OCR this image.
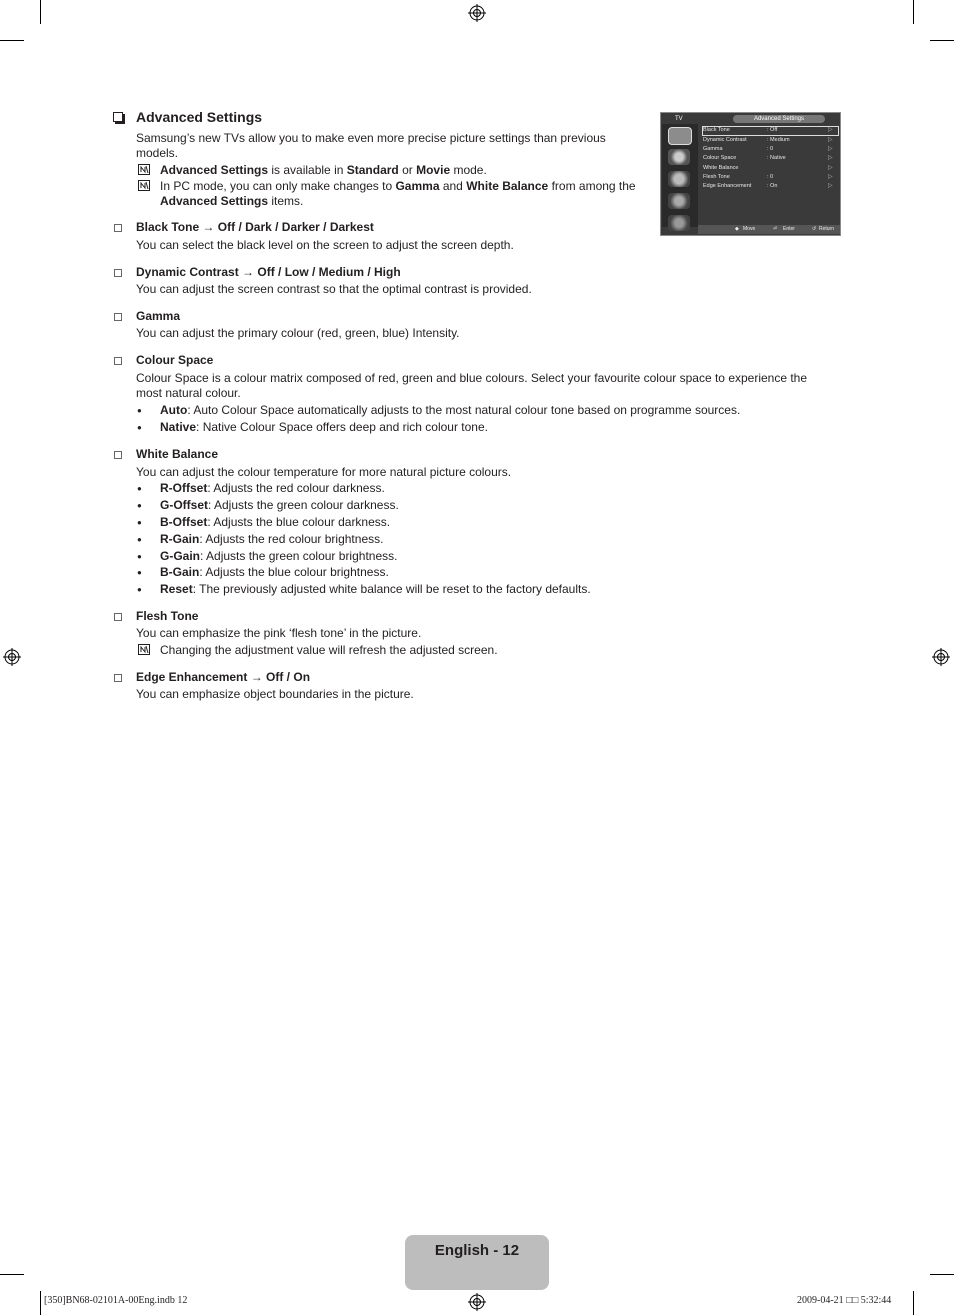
Advanced Settings
Samsung’s new TVs allow you to make even more precise picture settings than previous
models.
Advanced Settings is available in Standard or Movie mode.
In PC mode, you can only make changes to Gamma and White Balance from among the
Advanced Settings items.
Black Tone → Off / Dark / Darker / Darkest
You can select the black level on the screen to adjust the screen depth.
Dynamic Contrast → Off / Low / Medium / High
You can adjust the screen contrast so that the optimal contrast is provided.
Gamma
You can adjust the primary colour (red, green, blue) Intensity.
Colour Space
Colour Space is a colour matrix composed of red, green and blue colours. Select your favourite colour space to experience the
most natural colour.
● Auto: Auto Colour Space automatically adjusts to the most natural colour tone based on programme sources.
● Native: Native Colour Space offers deep and rich colour tone.
White Balance
You can adjust the colour temperature for more natural picture colours.
● R-Offset: Adjusts the red colour darkness.
● G-Offset: Adjusts the green colour darkness.
● B-Offset: Adjusts the blue colour darkness.
● R-Gain: Adjusts the red colour brightness.
● G-Gain: Adjusts the green colour brightness.
● B-Gain: Adjusts the blue colour brightness.
● Reset: The previously adjusted white balance will be reset to the factory defaults.
Flesh Tone
You can emphasize the pink ‘flesh tone’ in the picture.
Changing the adjustment value will refresh the adjusted screen.
Edge Enhancement → Off / On
You can emphasize object boundaries in the picture.
TV	Advanced Settings
Black Tone	: Off	▷
Dynamic Contrast	: Medium	▷
Gamma	: 0	▷
Colour Space	: Native	▷
White Balance	▷
Flesh Tone	: 0	▷
Edge Enhancement	: On	▷
◆ Move	⏎ Enter	↺ Return
English - 12
[350]BN68-02101A-00Eng.indb 12	2009-04-21 □□ 5:32:44
